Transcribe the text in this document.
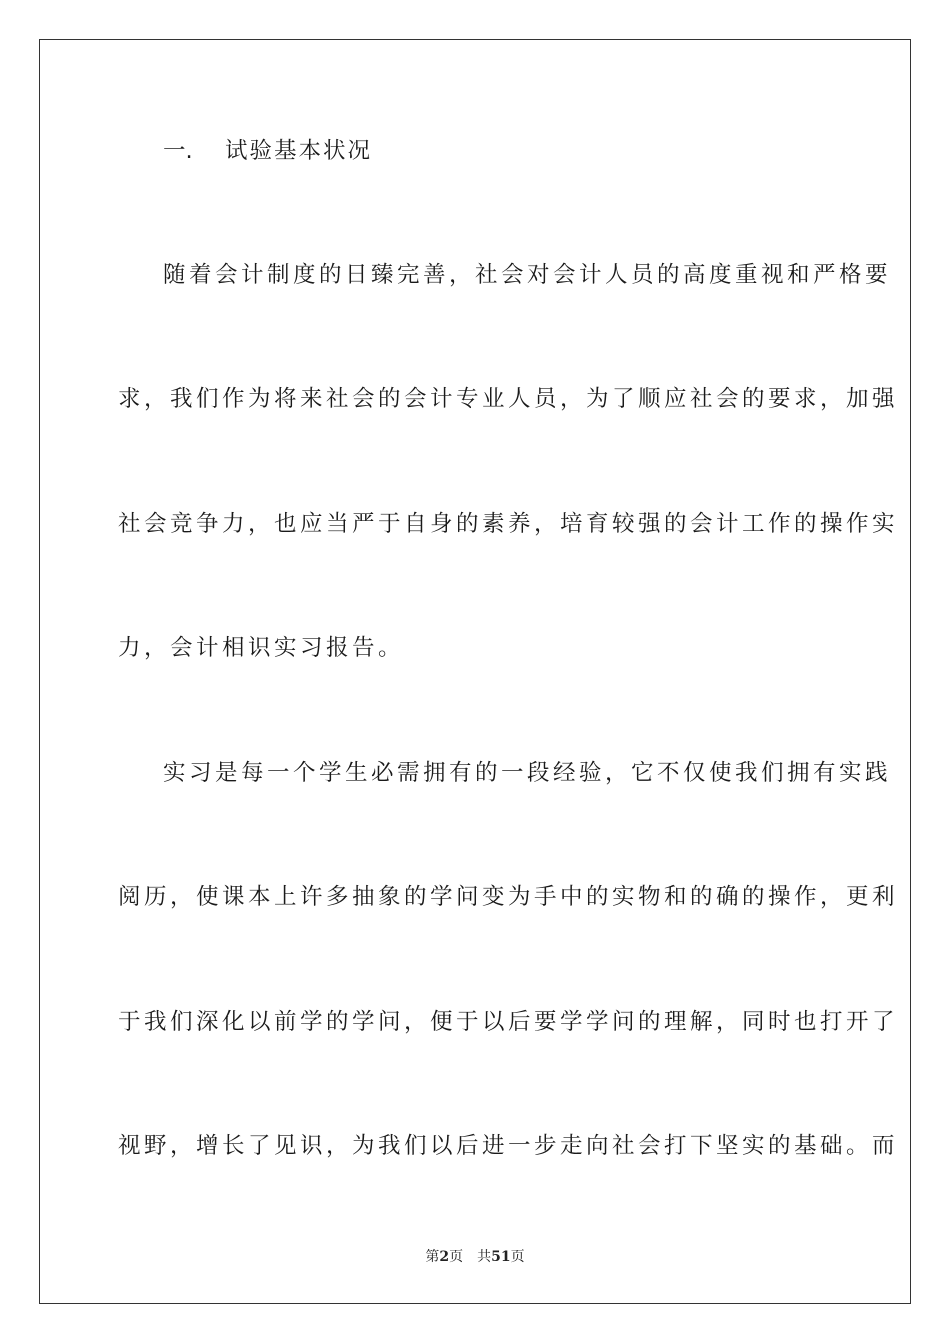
一. 试验基本状况
随着会计制度的日臻完善，社会对会计人员的高度重视和严格要
求，我们作为将来社会的会计专业人员，为了顺应社会的要求，加强
社会竞争力，也应当严于自身的素养，培育较强的会计工作的操作实
力，会计相识实习报告。
实习是每一个学生必需拥有的一段经验，它不仅使我们拥有实践
阅历，使课本上许多抽象的学问变为手中的实物和的确的操作，更利
于我们深化以前学的学问，便于以后要学学问的理解，同时也打开了
视野，增长了见识，为我们以后进一步走向社会打下坚实的基础。而
第2页 共51页
